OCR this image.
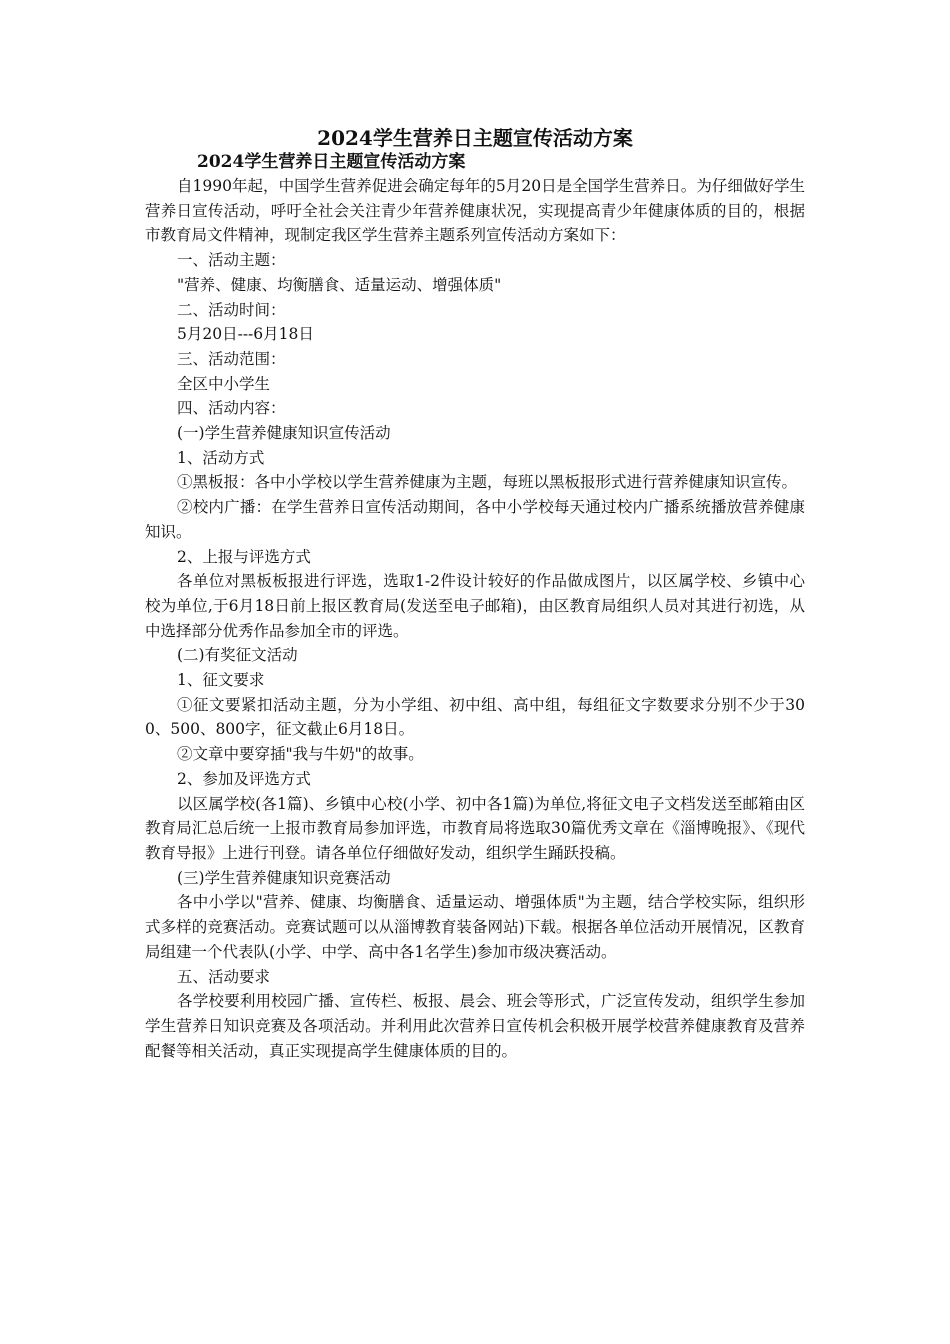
2024学生营养日主题宣传活动方案
2024学生营养日主题宣传活动方案

自1990年起，中国学生营养促进会确定每年的5月20日是全国学生营养日。为仔细做好学生营养日宣传活动，呼吁全社会关注青少年营养健康状况，实现提高青少年健康体质的目的，根据市教育局文件精神，现制定我区学生营养主题系列宣传活动方案如下：

一、活动主题：

"营养、健康、均衡膳食、适量运动、增强体质"

二、活动时间：

5月20日---6月18日

三、活动范围：

全区中小学生

四、活动内容：

(一)学生营养健康知识宣传活动

1、活动方式

①黑板报：各中小学校以学生营养健康为主题，每班以黑板报形式进行营养健康知识宣传。

②校内广播：在学生营养日宣传活动期间，各中小学校每天通过校内广播系统播放营养健康知识。

2、上报与评选方式

各单位对黑板板报进行评选，选取1-2件设计较好的作品做成图片，以区属学校、乡镇中心校为单位,于6月18日前上报区教育局(发送至电子邮箱)，由区教育局组织人员对其进行初选，从中选择部分优秀作品参加全市的评选。

(二)有奖征文活动

1、征文要求

①征文要紧扣活动主题，分为小学组、初中组、高中组，每组征文字数要求分别不少于300、500、800字，征文截止6月18日。

②文章中要穿插"我与牛奶"的故事。

2、参加及评选方式

以区属学校(各1篇)、乡镇中心校(小学、初中各1篇)为单位,将征文电子文档发送至邮箱由区教育局汇总后统一上报市教育局参加评选，市教育局将选取30篇优秀文章在《淄博晚报》、《现代教育导报》上进行刊登。请各单位仔细做好发动，组织学生踊跃投稿。

(三)学生营养健康知识竞赛活动

各中小学以"营养、健康、均衡膳食、适量运动、增强体质"为主题，结合学校实际，组织形式多样的竞赛活动。竞赛试题可以从淄博教育装备网站)下载。根据各单位活动开展情况，区教育局组建一个代表队(小学、中学、高中各1名学生)参加市级决赛活动。

五、活动要求

各学校要利用校园广播、宣传栏、板报、晨会、班会等形式，广泛宣传发动，组织学生参加学生营养日知识竞赛及各项活动。并利用此次营养日宣传机会积极开展学校营养健康教育及营养配餐等相关活动，真正实现提高学生健康体质的目的。
